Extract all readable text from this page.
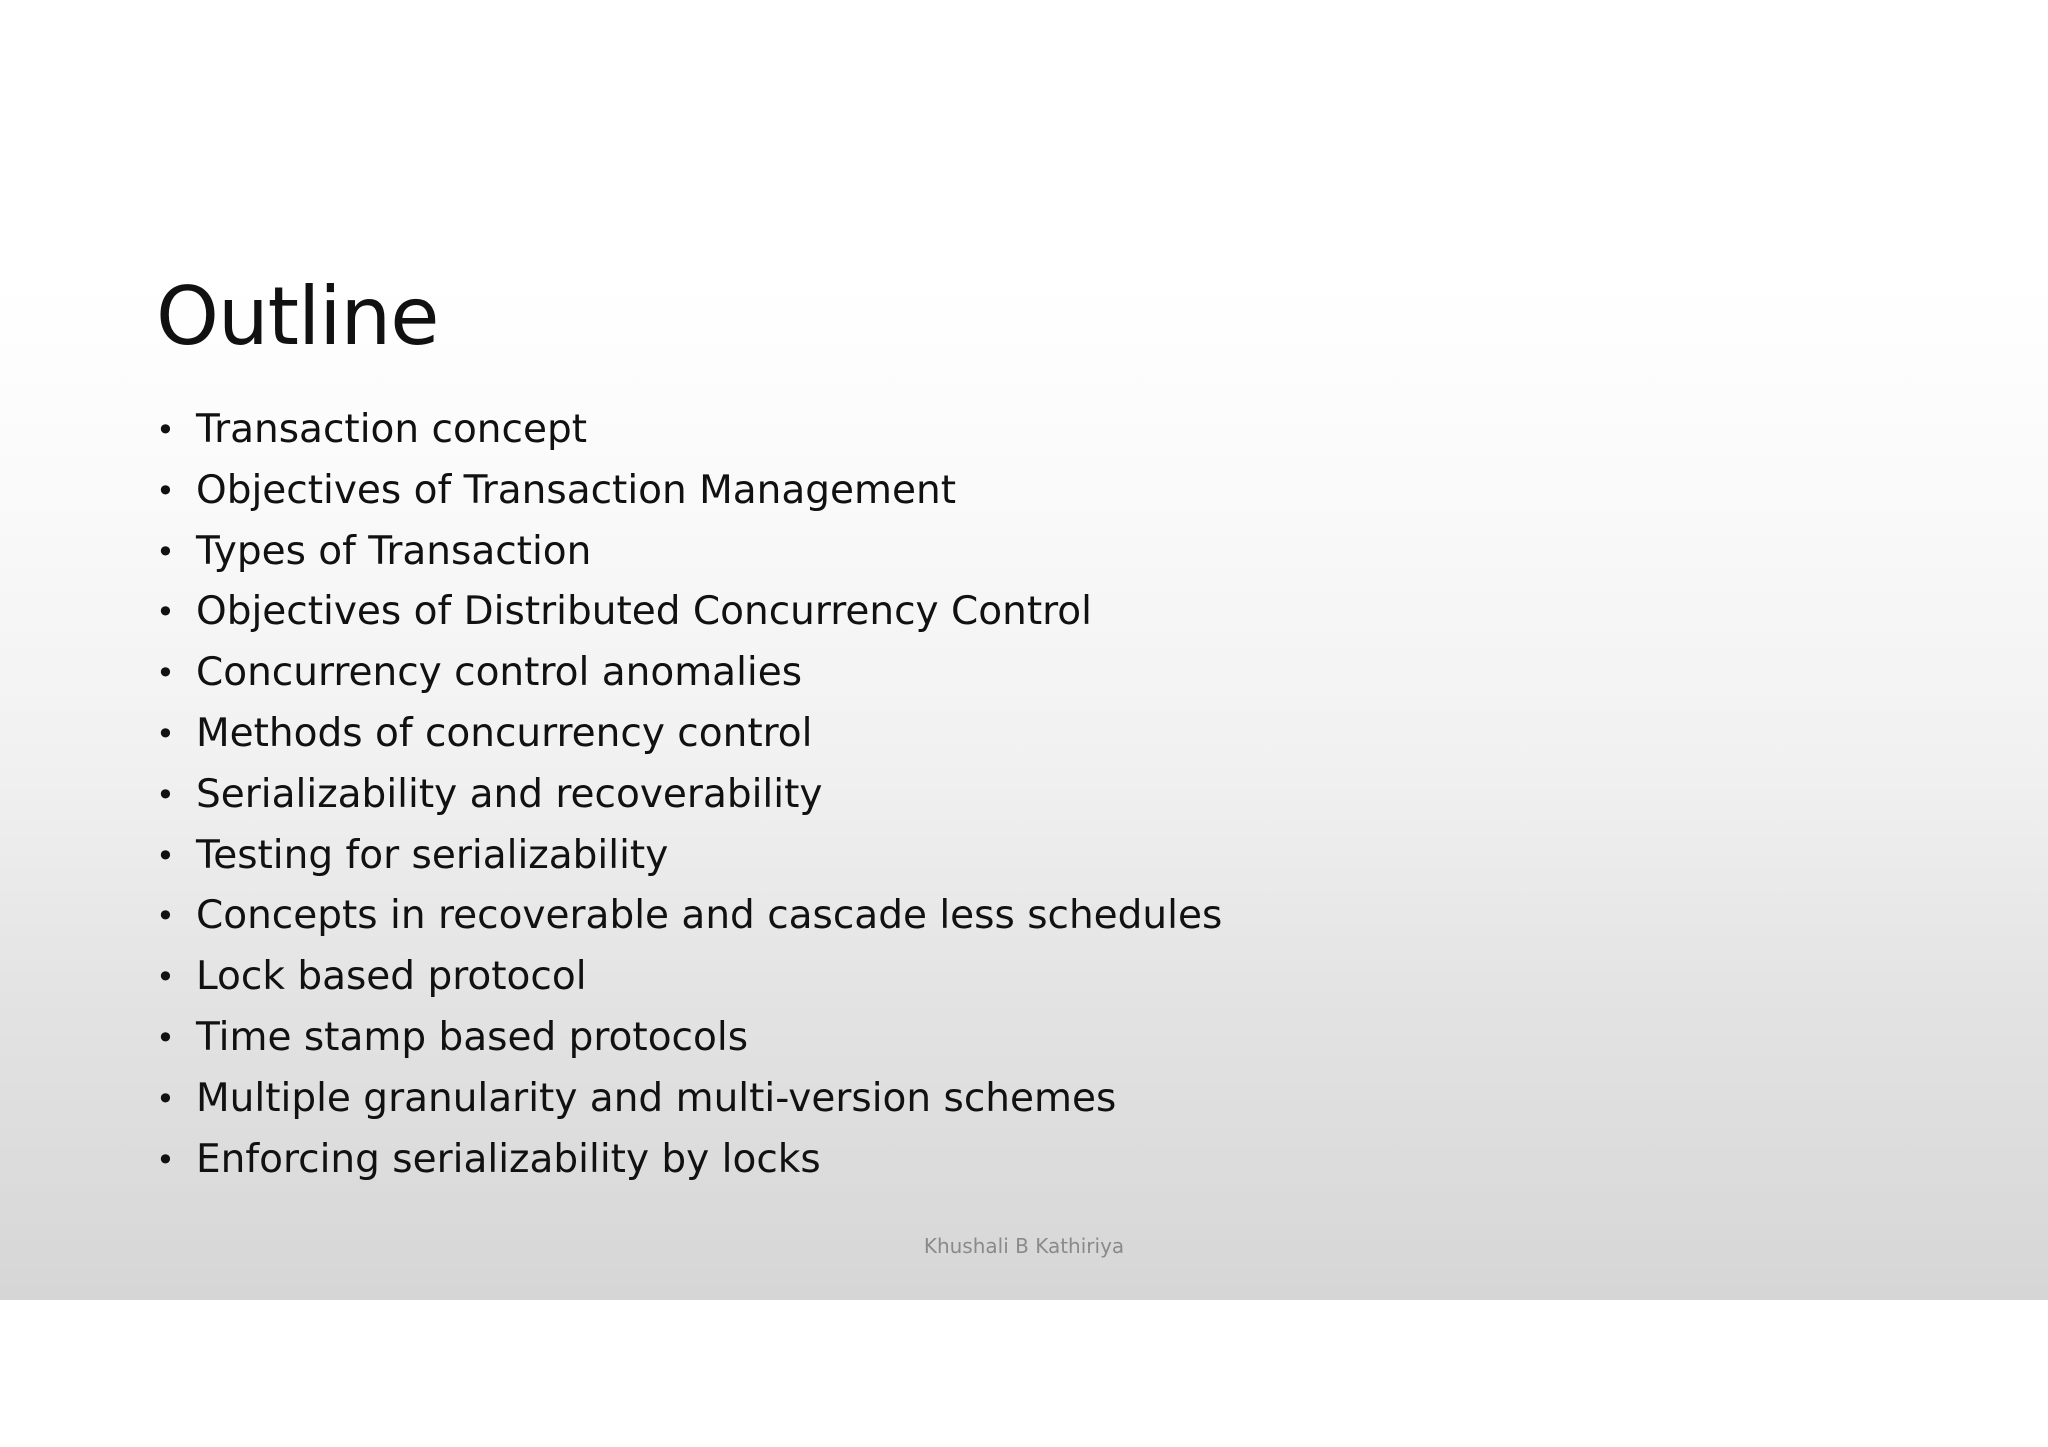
Outline
• Transaction concept
• Objectives of Transaction Management
• Types of Transaction
• Objectives of Distributed Concurrency Control
• Concurrency control anomalies
• Methods of concurrency control
• Serializability and recoverability
• Testing for serializability
• Concepts in recoverable and cascade less schedules
• Lock based protocol
• Time stamp based protocols
• Multiple granularity and multi-version schemes
• Enforcing serializability by locks
Khushali B Kathiriya
